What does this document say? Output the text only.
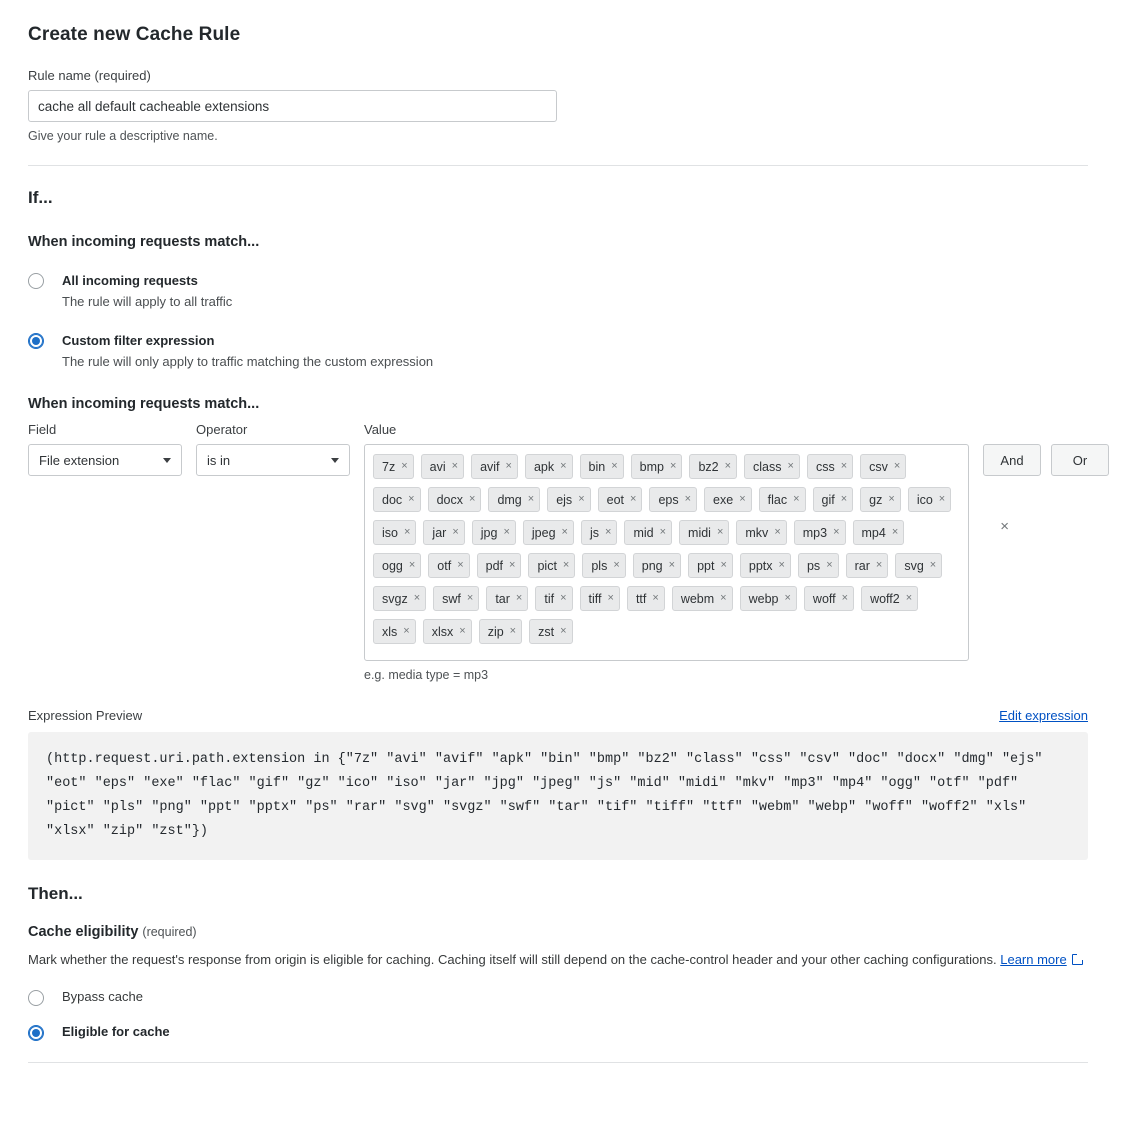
Create new Cache Rule
Rule name (required)
cache all default cacheable extensions
Give your rule a descriptive name.
If...
When incoming requests match...
All incoming requests
The rule will apply to all traffic
Custom filter expression
The rule will only apply to traffic matching the custom expression
When incoming requests match...
Field
File extension
Operator
is in
Value
7z × avi × avif × apk × bin × bmp × bz2 × class × css × csv ×
doc × docx × dmg × ejs × eot × eps × exe × flac × gif × gz × ico ×
iso × jar × jpg × jpeg × js × mid × midi × mkv × mp3 × mp4 ×
ogg × otf × pdf × pict × pls × png × ppt × pptx × ps × rar × svg ×
svgz × swf × tar × tif × tiff × ttf × webm × webp × woff × woff2 ×
xls × xlsx × zip × zst ×
×
e.g. media type = mp3
And	Or
Expression Preview	Edit expression
(http.request.uri.path.extension in {"7z" "avi" "avif" "apk" "bin" "bmp" "bz2" "class" "css" "csv" "doc" "docx" "dmg" "ejs" "eot" "eps" "exe" "flac" "gif" "gz" "ico" "iso" "jar" "jpg" "jpeg" "js" "mid" "midi" "mkv" "mp3" "mp4" "ogg" "otf" "pdf" "pict" "pls" "png" "ppt" "pptx" "ps" "rar" "svg" "svgz" "swf" "tar" "tif" "tiff" "ttf" "webm" "webp" "woff" "woff2" "xls" "xlsx" "zip" "zst"})
Then...
Cache eligibility (required)
Mark whether the request's response from origin is eligible for caching. Caching itself will still depend on the cache-control header and your other caching configurations. Learn more
Bypass cache
Eligible for cache
